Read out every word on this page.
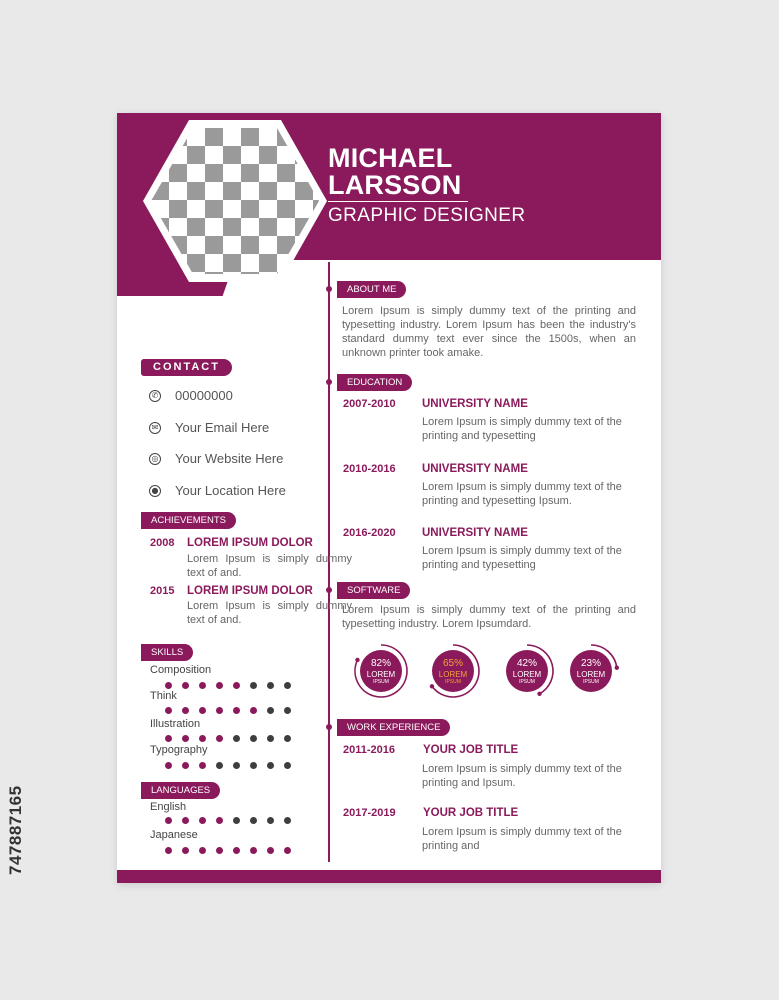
MICHAEL
LARSSON
GRAPHIC DESIGNER
747887165
CONTACT
✆ 00000000
✉ Your Email Here
◎ Your Website Here
● Your Location Here
ACHIEVEMENTS
2008 LOREM IPSUM DOLOR
Lorem Ipsum is simply dummy text of and.
2015 LOREM IPSUM DOLOR
Lorem Ipsum is simply dummy text of and.
SKILLS
Composition
Think
Illustration
Typography
LANGUAGES
English
Japanese
ABOUT ME
Lorem Ipsum is simply dummy text of the printing and typesetting industry. Lorem Ipsum has been the industry's standard dummy text ever since the 1500s, when an unknown printer took amake.
EDUCATION
2007-2010 UNIVERSITY NAME
Lorem Ipsum is simply dummy text of the printing and typesetting
2010-2016 UNIVERSITY NAME
Lorem Ipsum is simply dummy text of the printing and typesetting Ipsum.
2016-2020 UNIVERSITY NAME
Lorem Ipsum is simply dummy text of the printing and typesetting
SOFTWARE
Lorem Ipsum is simply dummy text of the printing and typesetting industry. Lorem Ipsumdard.
82%
LOREM
IPSUM
65%
LOREM
IPSUM
42%
LOREM
IPSUM
23%
LOREM
IPSUM
WORK EXPERIENCE
2011-2016 YOUR JOB TITLE
Lorem Ipsum is simply dummy text of the printing and Ipsum.
2017-2019 YOUR JOB TITLE
Lorem Ipsum is simply dummy text of the printing and
